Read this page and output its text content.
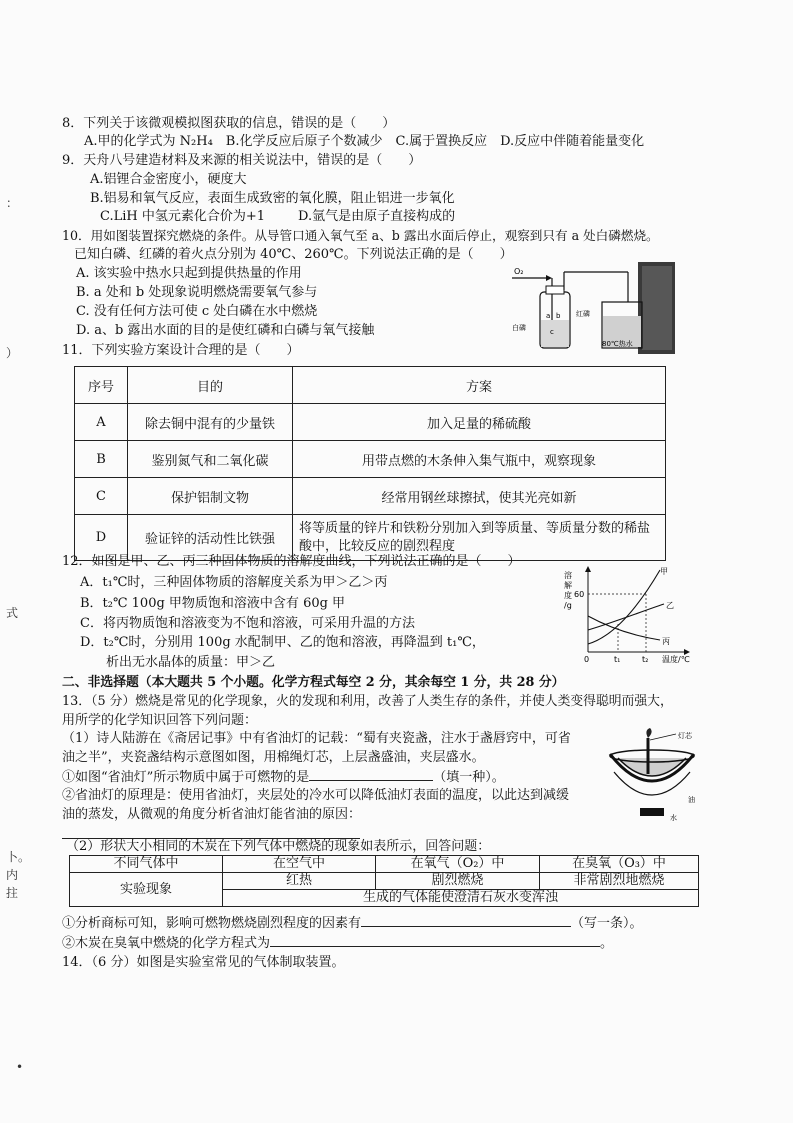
：
）
式
卜。
内
拄
•
8．下列关于该微观模拟图获取的信息，错误的是（　　）
A.甲的化学式为 N₂H₄　B.化学反应后原子个数减少　C.属于置换反应　D.反应中伴随着能量变化
9．天舟八号建造材料及来源的相关说法中，错误的是（　　）
A.铝锂合金密度小，硬度大
B.铝易和氧气反应，表面生成致密的氧化膜，阻止铝进一步氧化
C.LiH 中氢元素化合价为+1	D.氩气是由原子直接构成的
10．用如图装置探究燃烧的条件。从导管口通入氧气至 a、b 露出水面后停止，观察到只有 a 处白磷燃烧。
已知白磷、红磷的着火点分别为 40℃、260℃。下列说法正确的是（　　）
A. 该实验中热水只起到提供热量的作用
B. a 处和 b 处现象说明燃烧需要氧气参与
C. 没有任何方法可使 c 处白磷在水中燃烧
D. a、b 露出水面的目的是使红磷和白磷与氧气接触
O₂
a b
c
红磷
白磷
80℃热水
11．下列实验方案设计合理的是（　　）
序号	目的	方案
A	除去铜中混有的少量铁	加入足量的稀硫酸
B	鉴别氮气和二氧化碳	用带点燃的木条伸入集气瓶中，观察现象
C	保护铝制文物	经常用钢丝球擦拭，使其光亮如新
D	验证锌的活动性比铁强	将等质量的锌片和铁粉分别加入到等质量、等质量分数的稀盐酸中，比较反应的剧烈程度
12．如图是甲、乙、丙三种固体物质的溶解度曲线，下列说法正确的是（　　）
A．t₁℃时，三种固体物质的溶解度关系为甲＞乙＞丙
B．t₂℃ 100g 甲物质饱和溶液中含有 60g 甲
C．将丙物质饱和溶液变为不饱和溶液，可采用升温的方法
D．t₂℃时，分别用 100g 水配制甲、乙的饱和溶液，再降温到 t₁℃，
析出无水晶体的质量：甲＞乙
溶
解
度
/g
60
甲
乙
丙
0	t₁	t₂ 温度/℃
二、非选择题（本大题共 5 个小题。化学方程式每空 2 分，其余每空 1 分，共 28 分）
13．（5 分）燃烧是常见的化学现象，火的发现和利用，改善了人类生存的条件，并使人类变得聪明而强大，
用所学的化学知识回答下列问题：
（1）诗人陆游在《斋居记事》中有省油灯的记载：“蜀有夹瓷盏，注水于盏唇窍中，可省
油之半”，夹瓷盏结构示意图如图，用棉绳灯芯，上层盏盛油，夹层盛水。
①如图“省油灯”所示物质中属于可燃物的是	（填一种）。
②省油灯的原理是：使用省油灯，夹层处的冷水可以降低油灯表面的温度，以此达到减缓
油的蒸发，从微观的角度分析省油灯能省油的原因：
灯芯
油
水
（2）形状大小相同的木炭在下列气体中燃烧的现象如表所示，回答问题：
不同气体中	在空气中	在氧气（O₂）中	在臭氧（O₃）中
实验现象	红热	剧烈燃烧	非常剧烈地燃烧
	生成的气体能使澄清石灰水变浑浊		
①分析商标可知，影响可燃物燃烧剧烈程度的因素有	（写一条）。
②木炭在臭氧中燃烧的化学方程式为	。
14．（6 分）如图是实验室常见的气体制取装置。
